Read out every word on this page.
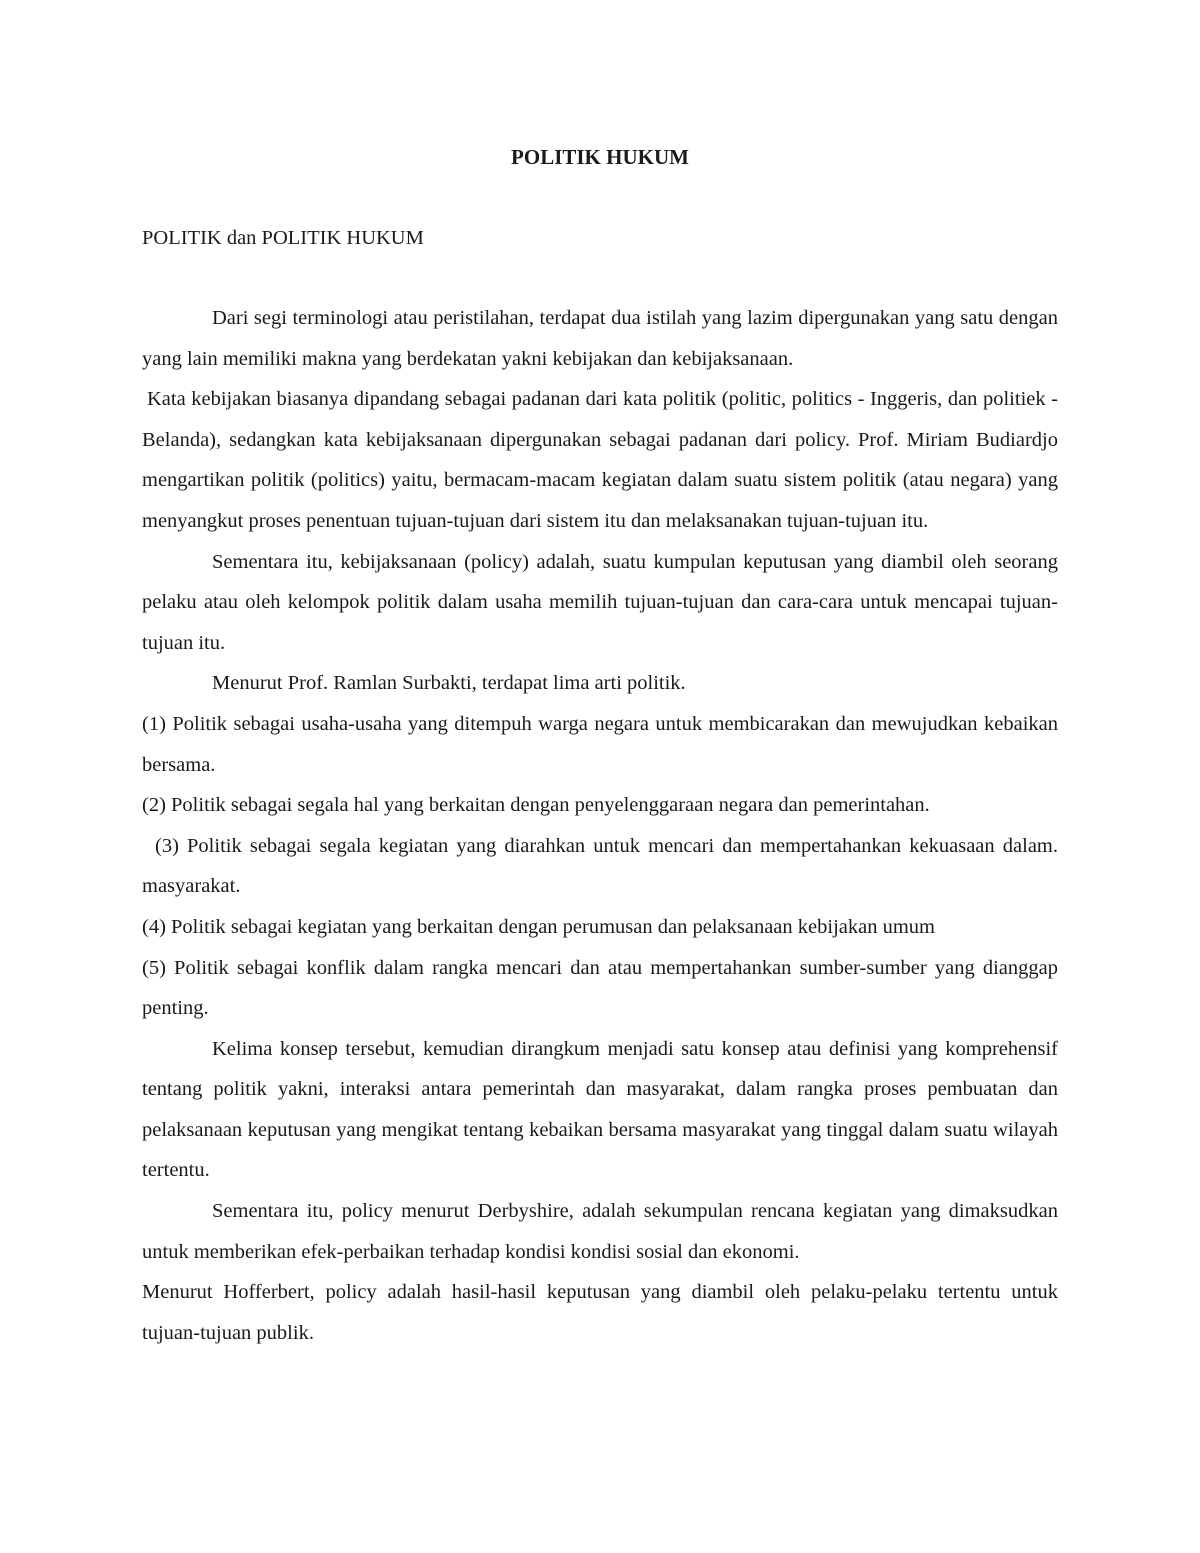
POLITIK HUKUM
POLITIK dan POLITIK HUKUM

Dari segi terminologi atau peristilahan, terdapat dua istilah yang lazim dipergunakan yang satu dengan yang lain memiliki makna yang berdekatan yakni kebijakan dan kebijaksanaan.

Kata kebijakan biasanya dipandang sebagai padanan dari kata politik (politic, politics - Inggeris, dan politiek - Belanda), sedangkan kata kebijaksanaan dipergunakan sebagai padanan dari policy. Prof. Miriam Budiardjo mengartikan politik (politics) yaitu, bermacam-macam kegiatan dalam suatu sistem politik (atau negara) yang menyangkut proses penentuan tujuan-tujuan dari sistem itu dan melaksanakan tujuan-tujuan itu.

Sementara itu, kebijaksanaan (policy) adalah, suatu kumpulan keputusan yang diambil oleh seorang pelaku atau oleh kelompok politik dalam usaha memilih tujuan-tujuan dan cara-cara untuk mencapai tujuan-tujuan itu.

Menurut Prof. Ramlan Surbakti, terdapat lima arti politik.

(1) Politik sebagai usaha-usaha yang ditempuh warga negara untuk membicarakan dan mewujudkan kebaikan bersama.

(2) Politik sebagai segala hal yang berkaitan dengan penyelenggaraan negara dan pemerintahan.

(3) Politik sebagai segala kegiatan yang diarahkan untuk mencari dan mempertahankan kekuasaan dalam. masyarakat.

(4) Politik sebagai kegiatan yang berkaitan dengan perumusan dan pelaksanaan kebijakan umum

(5) Politik sebagai konflik dalam rangka mencari dan atau mempertahankan sumber-sumber yang dianggap penting.

Kelima konsep tersebut, kemudian dirangkum menjadi satu konsep atau definisi yang komprehensif tentang politik yakni, interaksi antara pemerintah dan masyarakat, dalam rangka proses pembuatan dan pelaksanaan keputusan yang mengikat tentang kebaikan bersama masyarakat yang tinggal dalam suatu wilayah tertentu.

Sementara itu, policy menurut Derbyshire, adalah sekumpulan rencana kegiatan yang dimaksudkan untuk memberikan efek-perbaikan terhadap kondisi kondisi sosial dan ekonomi.

Menurut Hofferbert, policy adalah hasil-hasil keputusan yang diambil oleh pelaku-pelaku tertentu untuk tujuan-tujuan publik.
